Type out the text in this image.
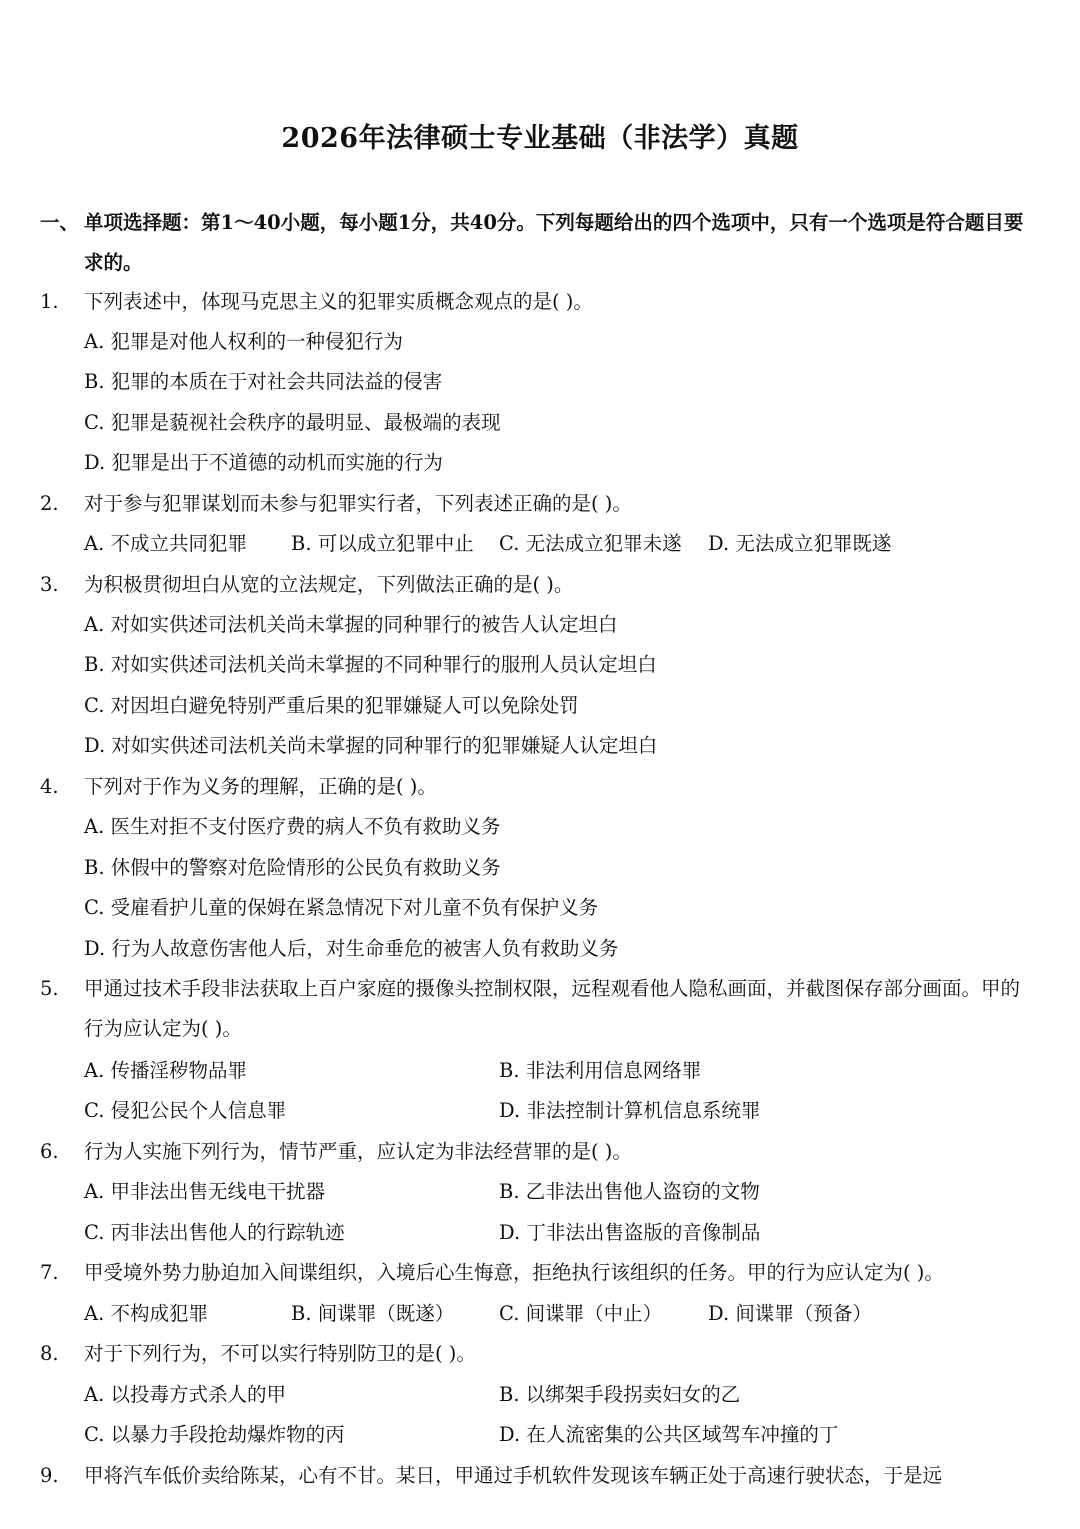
2026年法律硕士专业基础（非法学）真题
一、 单项选择题：第1～40小题，每小题1分，共40分。下列每题给出的四个选项中，只有一个选项是符合题目要求的。
1.	下列表述中，体现马克思主义的犯罪实质概念观点的是( )。
A. 犯罪是对他人权利的一种侵犯行为
B. 犯罪的本质在于对社会共同法益的侵害
C. 犯罪是藐视社会秩序的最明显、最极端的表现
D. 犯罪是出于不道德的动机而实施的行为
2.	对于参与犯罪谋划而未参与犯罪实行者，下列表述正确的是( )。
A. 不成立共同犯罪 B. 可以成立犯罪中止 C. 无法成立犯罪未遂 D. 无法成立犯罪既遂
3.	为积极贯彻坦白从宽的立法规定，下列做法正确的是( )。
A. 对如实供述司法机关尚未掌握的同种罪行的被告人认定坦白
B. 对如实供述司法机关尚未掌握的不同种罪行的服刑人员认定坦白
C. 对因坦白避免特别严重后果的犯罪嫌疑人可以免除处罚
D. 对如实供述司法机关尚未掌握的同种罪行的犯罪嫌疑人认定坦白
4.	下列对于作为义务的理解，正确的是( )。
A. 医生对拒不支付医疗费的病人不负有救助义务
B. 休假中的警察对危险情形的公民负有救助义务
C. 受雇看护儿童的保姆在紧急情况下对儿童不负有保护义务
D. 行为人故意伤害他人后，对生命垂危的被害人负有救助义务
5.	甲通过技术手段非法获取上百户家庭的摄像头控制权限，远程观看他人隐私画面，并截图保存部分画面。甲的行为应认定为( )。
A. 传播淫秽物品罪	B. 非法利用信息网络罪
C. 侵犯公民个人信息罪	D. 非法控制计算机信息系统罪
6.	行为人实施下列行为，情节严重，应认定为非法经营罪的是( )。
A. 甲非法出售无线电干扰器	B. 乙非法出售他人盗窃的文物
C. 丙非法出售他人的行踪轨迹	D. 丁非法出售盗版的音像制品
7.	甲受境外势力胁迫加入间谍组织，入境后心生悔意，拒绝执行该组织的任务。甲的行为应认定为( )。
A. 不构成犯罪	B. 间谍罪（既遂） C. 间谍罪（中止） D. 间谍罪（预备）
8.	对于下列行为，不可以实行特别防卫的是( )。
A. 以投毒方式杀人的甲	B. 以绑架手段拐卖妇女的乙
C. 以暴力手段抢劫爆炸物的丙	D. 在人流密集的公共区域驾车冲撞的丁
9.	甲将汽车低价卖给陈某，心有不甘。某日，甲通过手机软件发现该车辆正处于高速行驶状态，于是远
